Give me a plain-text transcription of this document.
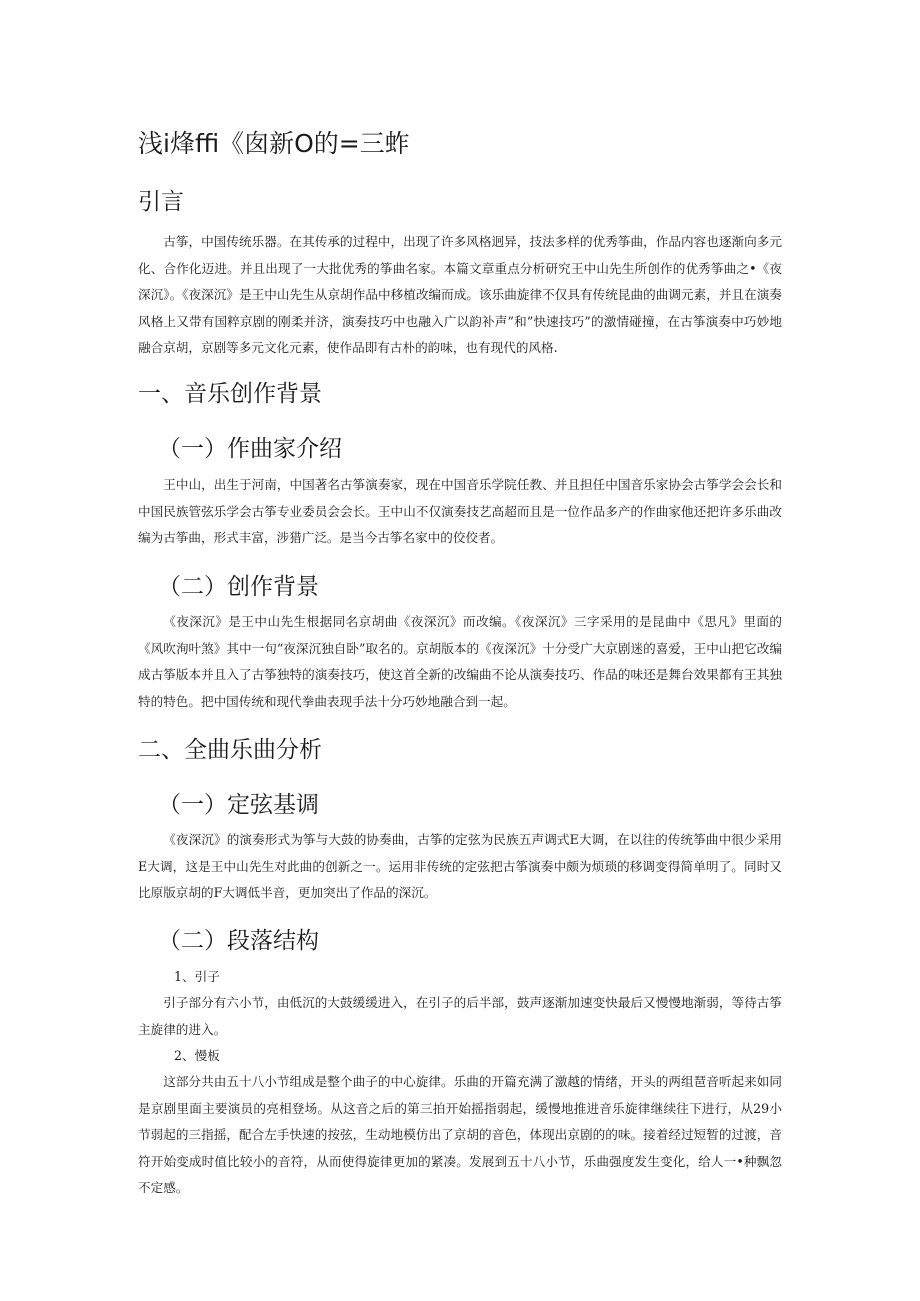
浅i烽ffi《囱新O的=三蚱
引言

古筝，中国传统乐器。在其传承的过程中，出现了许多风格迥异，技法多样的优秀筝曲，作品内容也逐渐向多元化、合作化迈进。并且出现了一大批优秀的筝曲名家。本篇文章重点分析研究王中山先生所创作的优秀筝曲之•《夜深沉》。《夜深沉》是王中山先生从京胡作品中移植改编而成。该乐曲旋律不仅具有传统昆曲的曲调元素，并且在演奏风格上又带有国粹京剧的刚柔并济，演奏技巧中也融入广以韵补声”和”快速技巧”的激情碰撞，在古筝演奏中巧妙地融合京胡，京剧等多元文化元素，使作品即有古朴的韵味，也有现代的风格.

一、音乐创作背景
（一）作曲家介绍

王中山，出生于河南，中国著名古筝演奏家，现在中国音乐学院任教、并且担任中国音乐家协会古筝学会会长和中国民族管弦乐学会古筝专业委员会会长。王中山不仅演奏技艺高超而且是一位作品多产的作曲家他还把许多乐曲改编为古筝曲，形式丰富，涉猎广泛。是当今古筝名家中的佼佼者。

（二）创作背景

《夜深沉》是王中山先生根据同名京胡曲《夜深沉》而改编。《夜深沉》三字采用的是昆曲中《思凡》里面的《风吹洵叶煞》其中一句“夜深沉独自卧”取名的。京胡版本的《夜深沉》十分受广大京剧迷的喜爱，王中山把它改编成古筝版本并且入了古筝独特的演奏技巧，使这首全新的改编曲不论从演奏技巧、作品的味还是舞台效果都有王其独特的特色。把中国传统和现代拳曲表现手法十分巧妙地融合到一起。

二、全曲乐曲分析
（一）定弦基调

《夜深沉》的演奏形式为筝与大鼓的协奏曲，古筝的定弦为民族五声调式E大调，在以往的传统筝曲中很少采用E大调，这是王中山先生对此曲的创新之一。运用非传统的定弦把古筝演奏中颇为烦琐的移调变得简单明了。同时又比原版京胡的F大调低半音，更加突出了作品的深沉。

（二）段落结构
1、引子

引子部分有六小节，由低沉的大鼓缓缓进入，在引子的后半部，鼓声逐渐加速变快最后又慢慢地渐弱，等待古筝主旋律的进入。

2、慢板

这部分共由五十八小节组成是整个曲子的中心旋律。乐曲的开篇充满了激越的情绪，开头的两组琶音听起来如同是京剧里面主要演员的亮相登场。从这音之后的第三拍开始摇指弱起，缓慢地推进音乐旋律继续往下进行，从29小节弱起的三指摇，配合左手快速的按弦，生动地模仿出了京胡的音色，体现出京剧的的味。接着经过短暂的过渡，音符开始变成时值比较小的音符，从而使得旋律更加的紧凑。发展到五十八小节，乐曲强度发生变化，给人一•种飘忽不定感。
